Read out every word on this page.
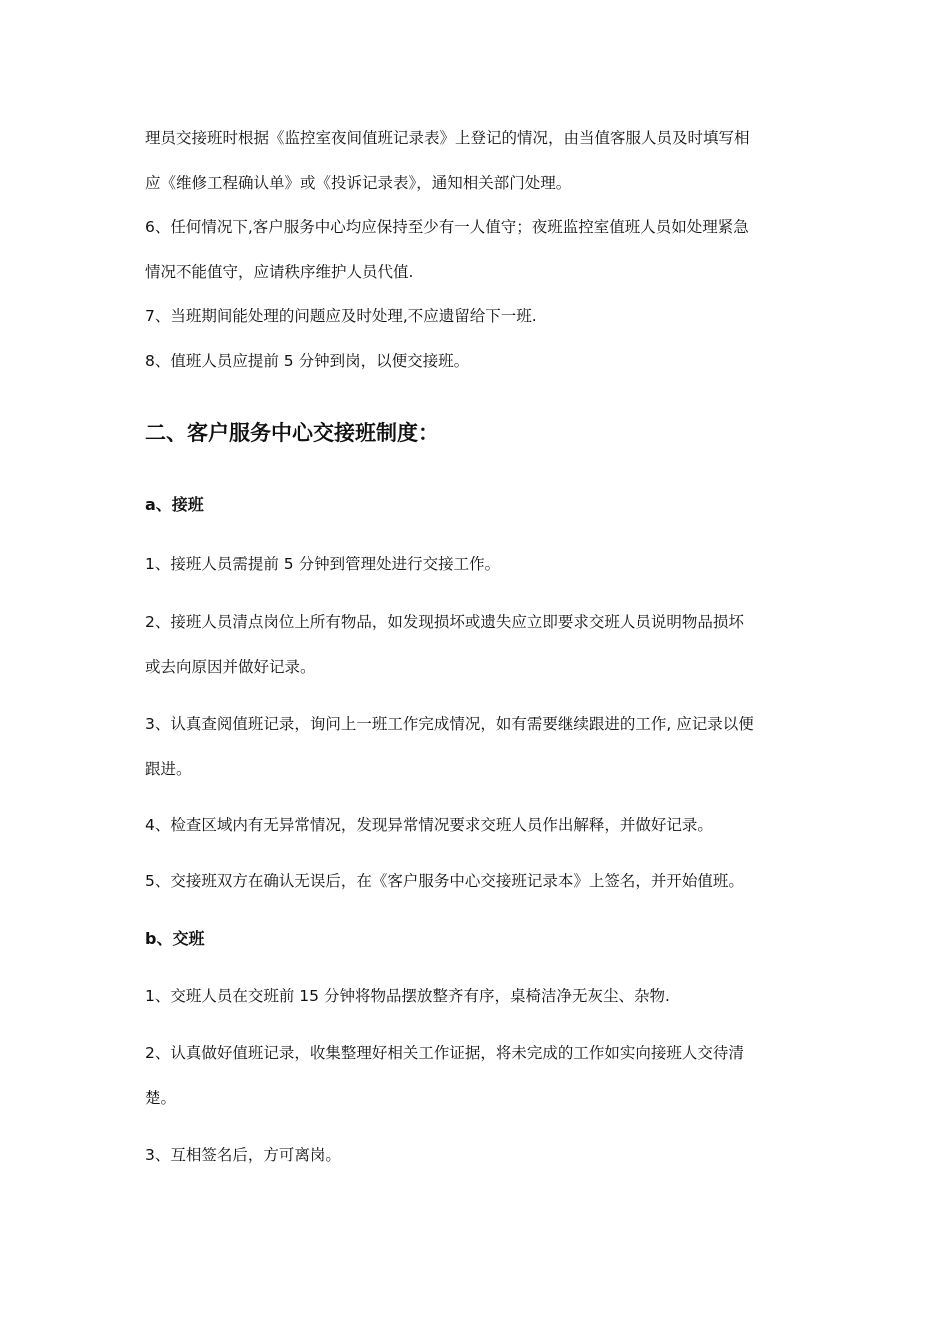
理员交接班时根据《监控室夜间值班记录表》上登记的情况，由当值客服人员及时填写相
应《维修工程确认单》或《投诉记录表》，通知相关部门处理。
6、任何情况下,客户服务中心均应保持至少有一人值守；夜班监控室值班人员如处理紧急
情况不能值守，应请秩序维护人员代值.
7、当班期间能处理的问题应及时处理,不应遗留给下一班.
8、值班人员应提前 5 分钟到岗，以便交接班。
二、客户服务中心交接班制度：
a、接班
1、接班人员需提前 5 分钟到管理处进行交接工作。
2、接班人员清点岗位上所有物品，如发现损坏或遗失应立即要求交班人员说明物品损坏
或去向原因并做好记录。
3、认真查阅值班记录，询问上一班工作完成情况，如有需要继续跟进的工作, 应记录以便
跟进。
4、检查区域内有无异常情况，发现异常情况要求交班人员作出解释，并做好记录。
5、交接班双方在确认无误后，在《客户服务中心交接班记录本》上签名，并开始值班。
b、交班
1、交班人员在交班前 15 分钟将物品摆放整齐有序，桌椅洁净无灰尘、杂物.
2、认真做好值班记录，收集整理好相关工作证据，将未完成的工作如实向接班人交待清
楚。
3、互相签名后，方可离岗。
